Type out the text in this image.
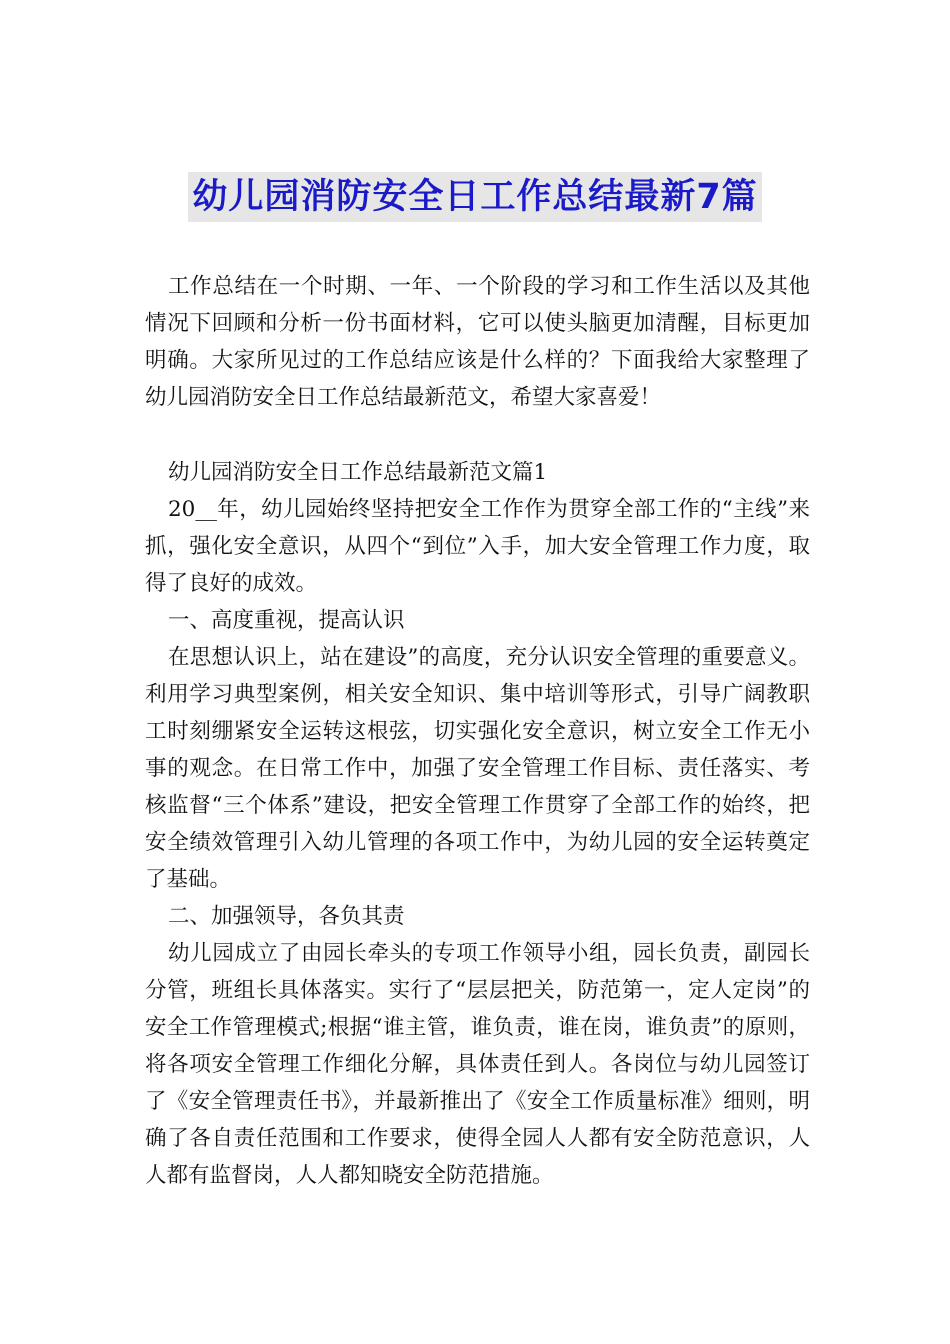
幼儿园消防安全日工作总结最新7篇

工作总结在一个时期、一年、一个阶段的学习和工作生活以及其他情况下回顾和分析一份书面材料，它可以使头脑更加清醒，目标更加明确。大家所见过的工作总结应该是什么样的？下面我给大家整理了幼儿园消防安全日工作总结最新范文，希望大家喜爱！

幼儿园消防安全日工作总结最新范文篇1

20__年，幼儿园始终坚持把安全工作作为贯穿全部工作的“主线”来抓，强化安全意识，从四个“到位”入手，加大安全管理工作力度，取得了良好的成效。

一、高度重视，提高认识

在思想认识上，站在建设”的高度，充分认识安全管理的重要意义。利用学习典型案例，相关安全知识、集中培训等形式，引导广阔教职工时刻绷紧安全运转这根弦，切实强化安全意识，树立安全工作无小事的观念。在日常工作中，加强了安全管理工作目标、责任落实、考核监督“三个体系”建设，把安全管理工作贯穿了全部工作的始终，把安全绩效管理引入幼儿管理的各项工作中，为幼儿园的安全运转奠定了基础。

二、加强领导，各负其责

幼儿园成立了由园长牵头的专项工作领导小组，园长负责，副园长分管，班组长具体落实。实行了“层层把关，防范第一，定人定岗”的安全工作管理模式;根据“谁主管，谁负责，谁在岗，谁负责”的原则，将各项安全管理工作细化分解，具体责任到人。各岗位与幼儿园签订了《安全管理责任书》，并最新推出了《安全工作质量标准》细则，明确了各自责任范围和工作要求，使得全园人人都有安全防范意识，人人都有监督岗，人人都知晓安全防范措施。
